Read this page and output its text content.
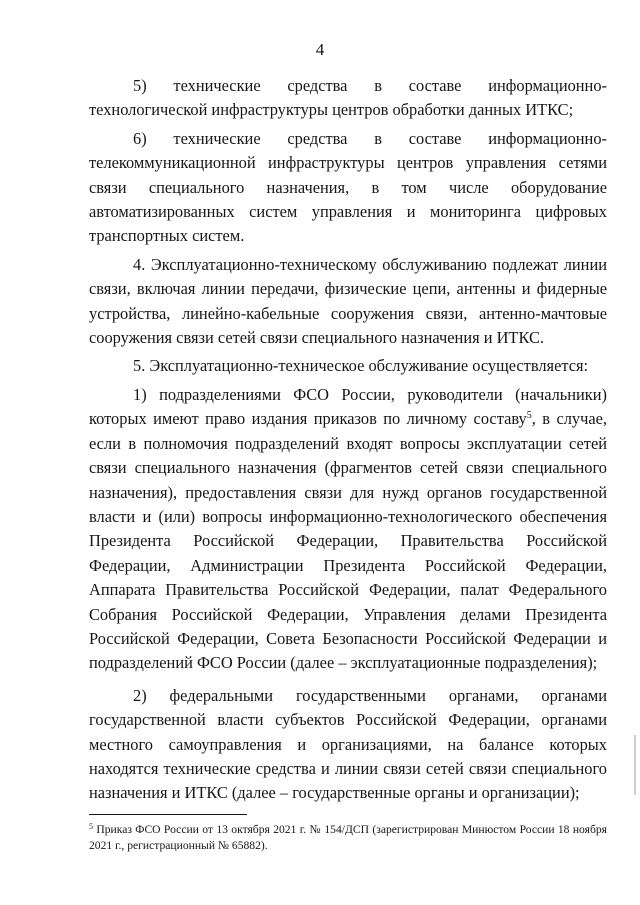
4

5) технические средства в составе информационно-технологической инфраструктуры центров обработки данных ИТКС;

6) технические средства в составе информационно-телекоммуникационной инфраструктуры центров управления сетями связи специального назначения, в том числе оборудование автоматизированных систем управления и мониторинга цифровых транспортных систем.

4. Эксплуатационно-техническому обслуживанию подлежат линии связи, включая линии передачи, физические цепи, антенны и фидерные устройства, линейно-кабельные сооружения связи, антенно-мачтовые сооружения связи сетей связи специального назначения и ИТКС.

5. Эксплуатационно-техническое обслуживание осуществляется:

1) подразделениями ФСО России, руководители (начальники) которых имеют право издания приказов по личному составу$^5$, в случае, если в полномочия подразделений входят вопросы эксплуатации сетей связи специального назначения (фрагментов сетей связи специального назначения), предоставления связи для нужд органов государственной власти и (или) вопросы информационно-технологического обеспечения Президента Российской Федерации, Правительства Российской Федерации, Администрации Президента Российской Федерации, Аппарата Правительства Российской Федерации, палат Федерального Собрания Российской Федерации, Управления делами Президента Российской Федерации, Совета Безопасности Российской Федерации и подразделений ФСО России (далее – эксплуатационные подразделения);

2) федеральными государственными органами, органами государственной власти субъектов Российской Федерации, органами местного самоуправления и организациями, на балансе которых находятся технические средства и линии связи сетей связи специального назначения и ИТКС (далее – государственные органы и организации);

$^5$ Приказ ФСО России от 13 октября 2021 г. № 154/ДСП (зарегистрирован Минюстом России 18 ноября 2021 г., регистрационный № 65882).
